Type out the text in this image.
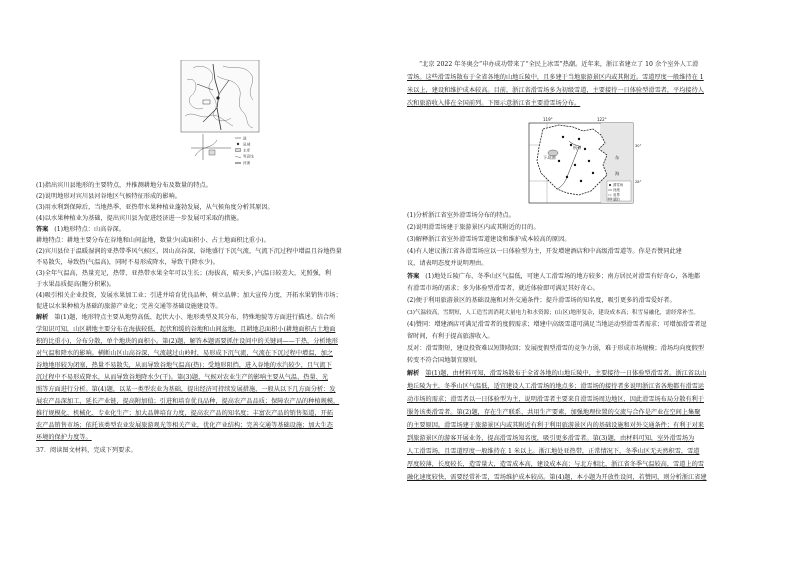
道
县城
水库
等高线
河流
(1)指出宾川县地形的主要特点，并推测耕地分布及数量的特点。
(2)说明地形对宾川县河谷地区气候特征形成的影响。
(3)用水利到保障后，当地热季、亚热带水果种植业蓬勃发展，从气候角度分析其原因。
(4)以水果种植业为基础，提出宾川县为促进经济进一步发展可采取的措施。
答案 (1)地形特点：山高谷深。
耕地特点：耕地主要分布在谷地和山间盆地，数量少(或面积小、占土地面积比重小)。
(2)宾川县位于温暖湿润的亚热带季风气候区，因山高谷深，谷地盛行下沉气流，气流下沉过程中增温且谷地热量
不易散失，导致热(气温高)，同时不易形成降水，导致干(降水少)。
(3)全年气温高，热量充足，热带、亚热带水果全年可以生长；(海拔高，晴天多，)气温日较差大，光照强，利
于水果品质提高(糖分积累)。
(4)吸引相关企业投资，发展水果加工业；引进并培育优良品种，树立品牌；加大宣传力度，开拓水果销售市场；
促进以水果种植为基础的旅游产业化；完善交通等基础设施建设等。
解析 第(1)题，地形特点主要从地势高低、起伏大小、地形类型及其分布、特殊地貌等方面进行描述。结合所
学知识可知，山区耕地主要分布在海拔较低、起伏和缓的谷地和山间盆地，且耕地总面积小(耕地面积占土地面
积的比重小)，分布分散，单个地块的面积小。第(2)题，解答本题需要抓住设问中的关键词——干热，分析地形
对气温和降水的影响。横断山区山高谷深，气流越过山岭时，易形成下沉气流，气流在下沉过程中增温，加之
谷地地形较为闭塞，热量不易散失，从而导致谷地气温高(热)；受地形阻挡，进入谷地的水汽较少，且气流下
沉过程中不易形成降水，从而导致谷地降水少(干)。第(3)题，气候对农业生产的影响主要从气温、热量、光
照等方面进行分析。第(4)题，以某一类型农业为基础，提出经济可持续发展措施，一般从以下几方面分析：发
展农产品深加工，延长产业链，提高附加值；引进和培育优良品种，提高农产品品质；保障农产品的种植规模，
推行规模化、机械化、专业化生产；加大品牌培育力度，提高农产品的知名度；丰富农产品的销售渠道，开拓
农产品销售市场；依托该类型农业发展旅游观光等相关产业，优化产业结构；完善交通等基础设施；加大生态
环境的保护力度等。
37．阅读图文材料，完成下列要求。
“北京 2022 年冬奥会”申办成功带来了“全民上冰雪”热潮。近年来，浙江省建立了 10 余个室外人工滑
雪场。这些滑雪场散布于全省各地的山地丘陵中，且多建于当地旅游景区内或其附近。雪道厚度一般维持在 1
米以上，建设和维护成本较高。目前，浙江省滑雪场多为初级雪道，主要接待一日体验型滑雪者，平均接待人
次和旅游收入排在全国前列。下图示意浙江省主要滑雪场分布。
119°	122°
杭州
下岛湖	东
海
30°
28°
滑雪场
河流
省界
湖泊
(1)分析浙江省室外滑雪场分布的特点。
(2)说明滑雪场建于旅游景区内或其附近的目的。
(3)解释浙江省室外滑雪场雪道建设和维护成本较高的原因。
(4)有人建议浙江省各滑雪场应以一日体验型为主，开发增建酒店和中高级滑雪道等。你是否赞同此建
议，请表明态度并说明理由。
答案 (1)地处丘陵广布，冬季山区气温低，可建人工滑雪场的地方较多；南方居民对滑雪有好奇心，各地都
有滑雪市场的需求；多为体验型滑雪者，就近体验即可满足其好奇心。
(2)便于利用旅游景区的基础设施和对外交通条件；提升滑雪场的知名度，吸引更多的滑雪爱好者。
(3)气温较高，雪期短，人工造雪需消耗大量电力和水资源；(山区)地形复杂，建设成本高；积雪易融化，需经常补雪。
(4)赞同：增建酒店可满足滑雪者的度假需求；增建中高级雪道可满足当地运动型滑雪者需求；可增加滑雪者逗
留时间，有利于提高旅游收入。
反对：滑雪期短，建设投资难以短期收回；发展度假型滑雪的竞争力弱，难于形成市场规模；滑场均向度假型
转变不符合国地制宜原则。
解析 第(1)题，由材料可知，滑雪场散布于全省各地的山地丘陵中，主要接待一日体验型滑雪者。浙江省以山
地丘陵为主，冬季山区气温低，适宜建设人工滑雪场的地点多；滑雪场的接待者多说明浙江省各地都有滑雪运
动市场的需求；滑雪者以一日体验型为主，说明滑雪者主要来自滑雪场周边地区，因此滑雪场布局分散有利于
服务该类滑雪者。第(2)题，存在生产联系、共用生产要素、加强地理位置的交流与合作是产业在空间上集聚
的主要原因。滑雪场建于旅游景区内或其附近有利于利用旅游景区内的基础设施和对外交通条件；有利于对来
到旅游景区的游客开展业务，提高滑雪场知名度，吸引更多滑雪者。第(3)题，由材料可知，室外滑雪场为
人工滑雪场，且雪道厚度一般维持在 1 米以上。浙江地处亚热带，正常情况下，冬季山区无天然积雪，雪道
厚度较薄，长度较长，造雪量大，造雪成本高，建设成本高；与北方相比，浙江省冬季气温较高，雪道上的雪
融化速度较快，需要经常补雪，雪场维护成本较高。第(4)题，本小题为开放性设问，若赞同，则分析浙江省建
